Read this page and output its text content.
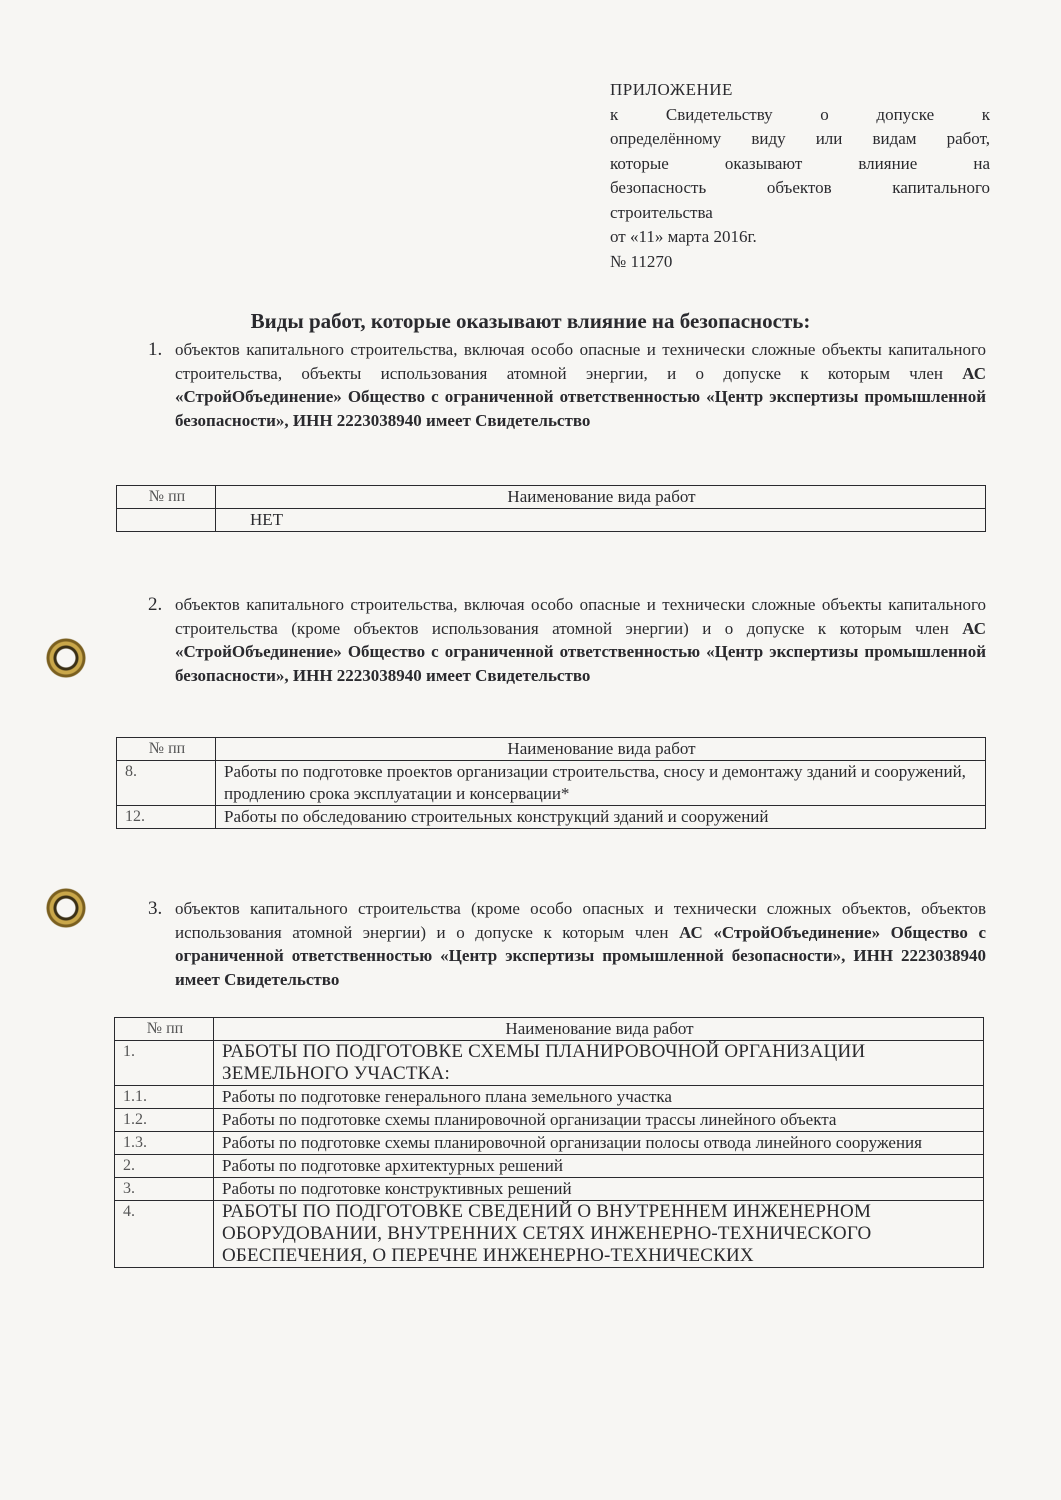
ПРИЛОЖЕНИЕ
к Свидетельству о допуске к
определённому виду или видам работ,
которые оказывают влияние на
безопасность объектов капитального
строительства
от «11» марта 2016г.
№ 11270
Виды работ, которые оказывают влияние на безопасность:
1. объектов капитального строительства, включая особо опасные и технически сложные объекты капитального строительства, объекты использования атомной энергии, и о допуске к которым член АС «СтройОбъединение» Общество с ограниченной ответственностью «Центр экспертизы промышленной безопасности», ИНН 2223038940 имеет Свидетельство
№ пп	Наименование вида работ
	НЕТ
2. объектов капитального строительства, включая особо опасные и технически сложные объекты капитального строительства (кроме объектов использования атомной энергии) и о допуске к которым член АС «СтройОбъединение» Общество с ограниченной ответственностью «Центр экспертизы промышленной безопасности», ИНН 2223038940 имеет Свидетельство
№ пп	Наименование вида работ
8.	Работы по подготовке проектов организации строительства, сносу и демонтажу зданий и сооружений, продлению срока эксплуатации и консервации*
12.	Работы по обследованию строительных конструкций зданий и сооружений
3. объектов капитального строительства (кроме особо опасных и технически сложных объектов, объектов использования атомной энергии) и о допуске к которым член АС «СтройОбъединение» Общество с ограниченной ответственностью «Центр экспертизы промышленной безопасности», ИНН 2223038940 имеет Свидетельство
№ пп	Наименование вида работ
1.	РАБОТЫ ПО ПОДГОТОВКЕ СХЕМЫ ПЛАНИРОВОЧНОЙ ОРГАНИЗАЦИИ ЗЕМЕЛЬНОГО УЧАСТКА:
1.1.	Работы по подготовке генерального плана земельного участка
1.2.	Работы по подготовке схемы планировочной организации трассы линейного объекта
1.3.	Работы по подготовке схемы планировочной организации полосы отвода линейного сооружения
2.	Работы по подготовке архитектурных решений
3.	Работы по подготовке конструктивных решений
4.	РАБОТЫ ПО ПОДГОТОВКЕ СВЕДЕНИЙ О ВНУТРЕННЕМ ИНЖЕНЕРНОМ ОБОРУДОВАНИИ, ВНУТРЕННИХ СЕТЯХ ИНЖЕНЕРНО-ТЕХНИЧЕСКОГО ОБЕСПЕЧЕНИЯ, О ПЕРЕЧНЕ ИНЖЕНЕРНО-ТЕХНИЧЕСКИХ
